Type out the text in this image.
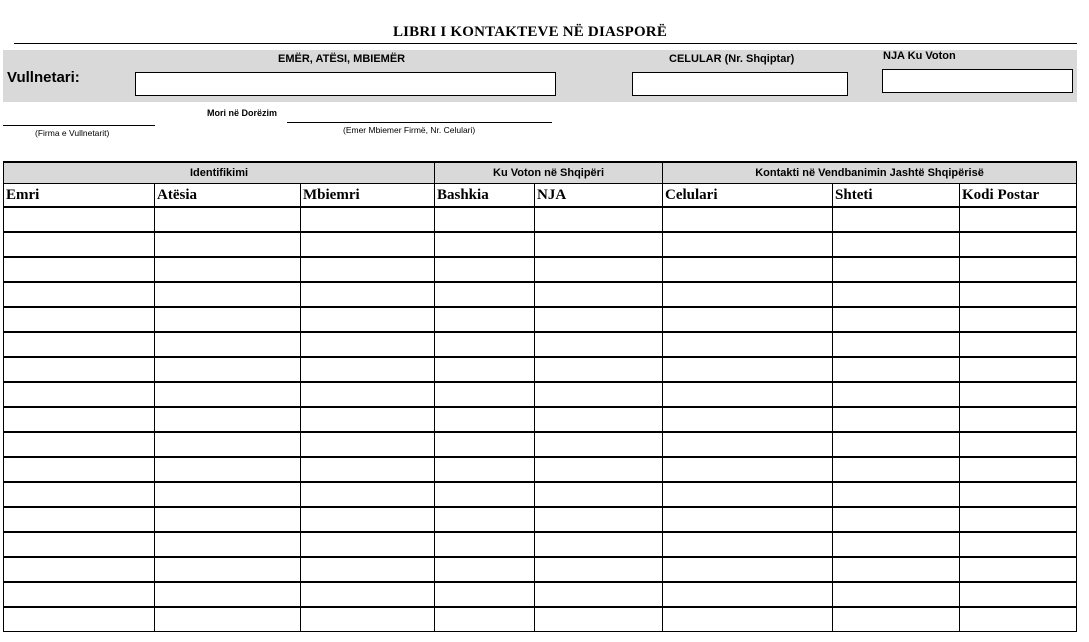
LIBRI I KONTAKTEVE NË DIASPORË
Vullnetari:
EMËR, ATËSI, MBIEMËR	CELULAR (Nr. Shqiptar)	NJA Ku Voton
(Firma e Vullnetarit)
Mori në Dorëzim
(Emer Mbiemer Firmë, Nr. Celulari)
Identifikimi			Ku Voton në Shqipëri		Kontakti në Vendbanimin Jashtë Shqipërisë		
Emri	Atësia	Mbiemri	Bashkia	NJA	Celulari	Shteti	Kodi Postar
